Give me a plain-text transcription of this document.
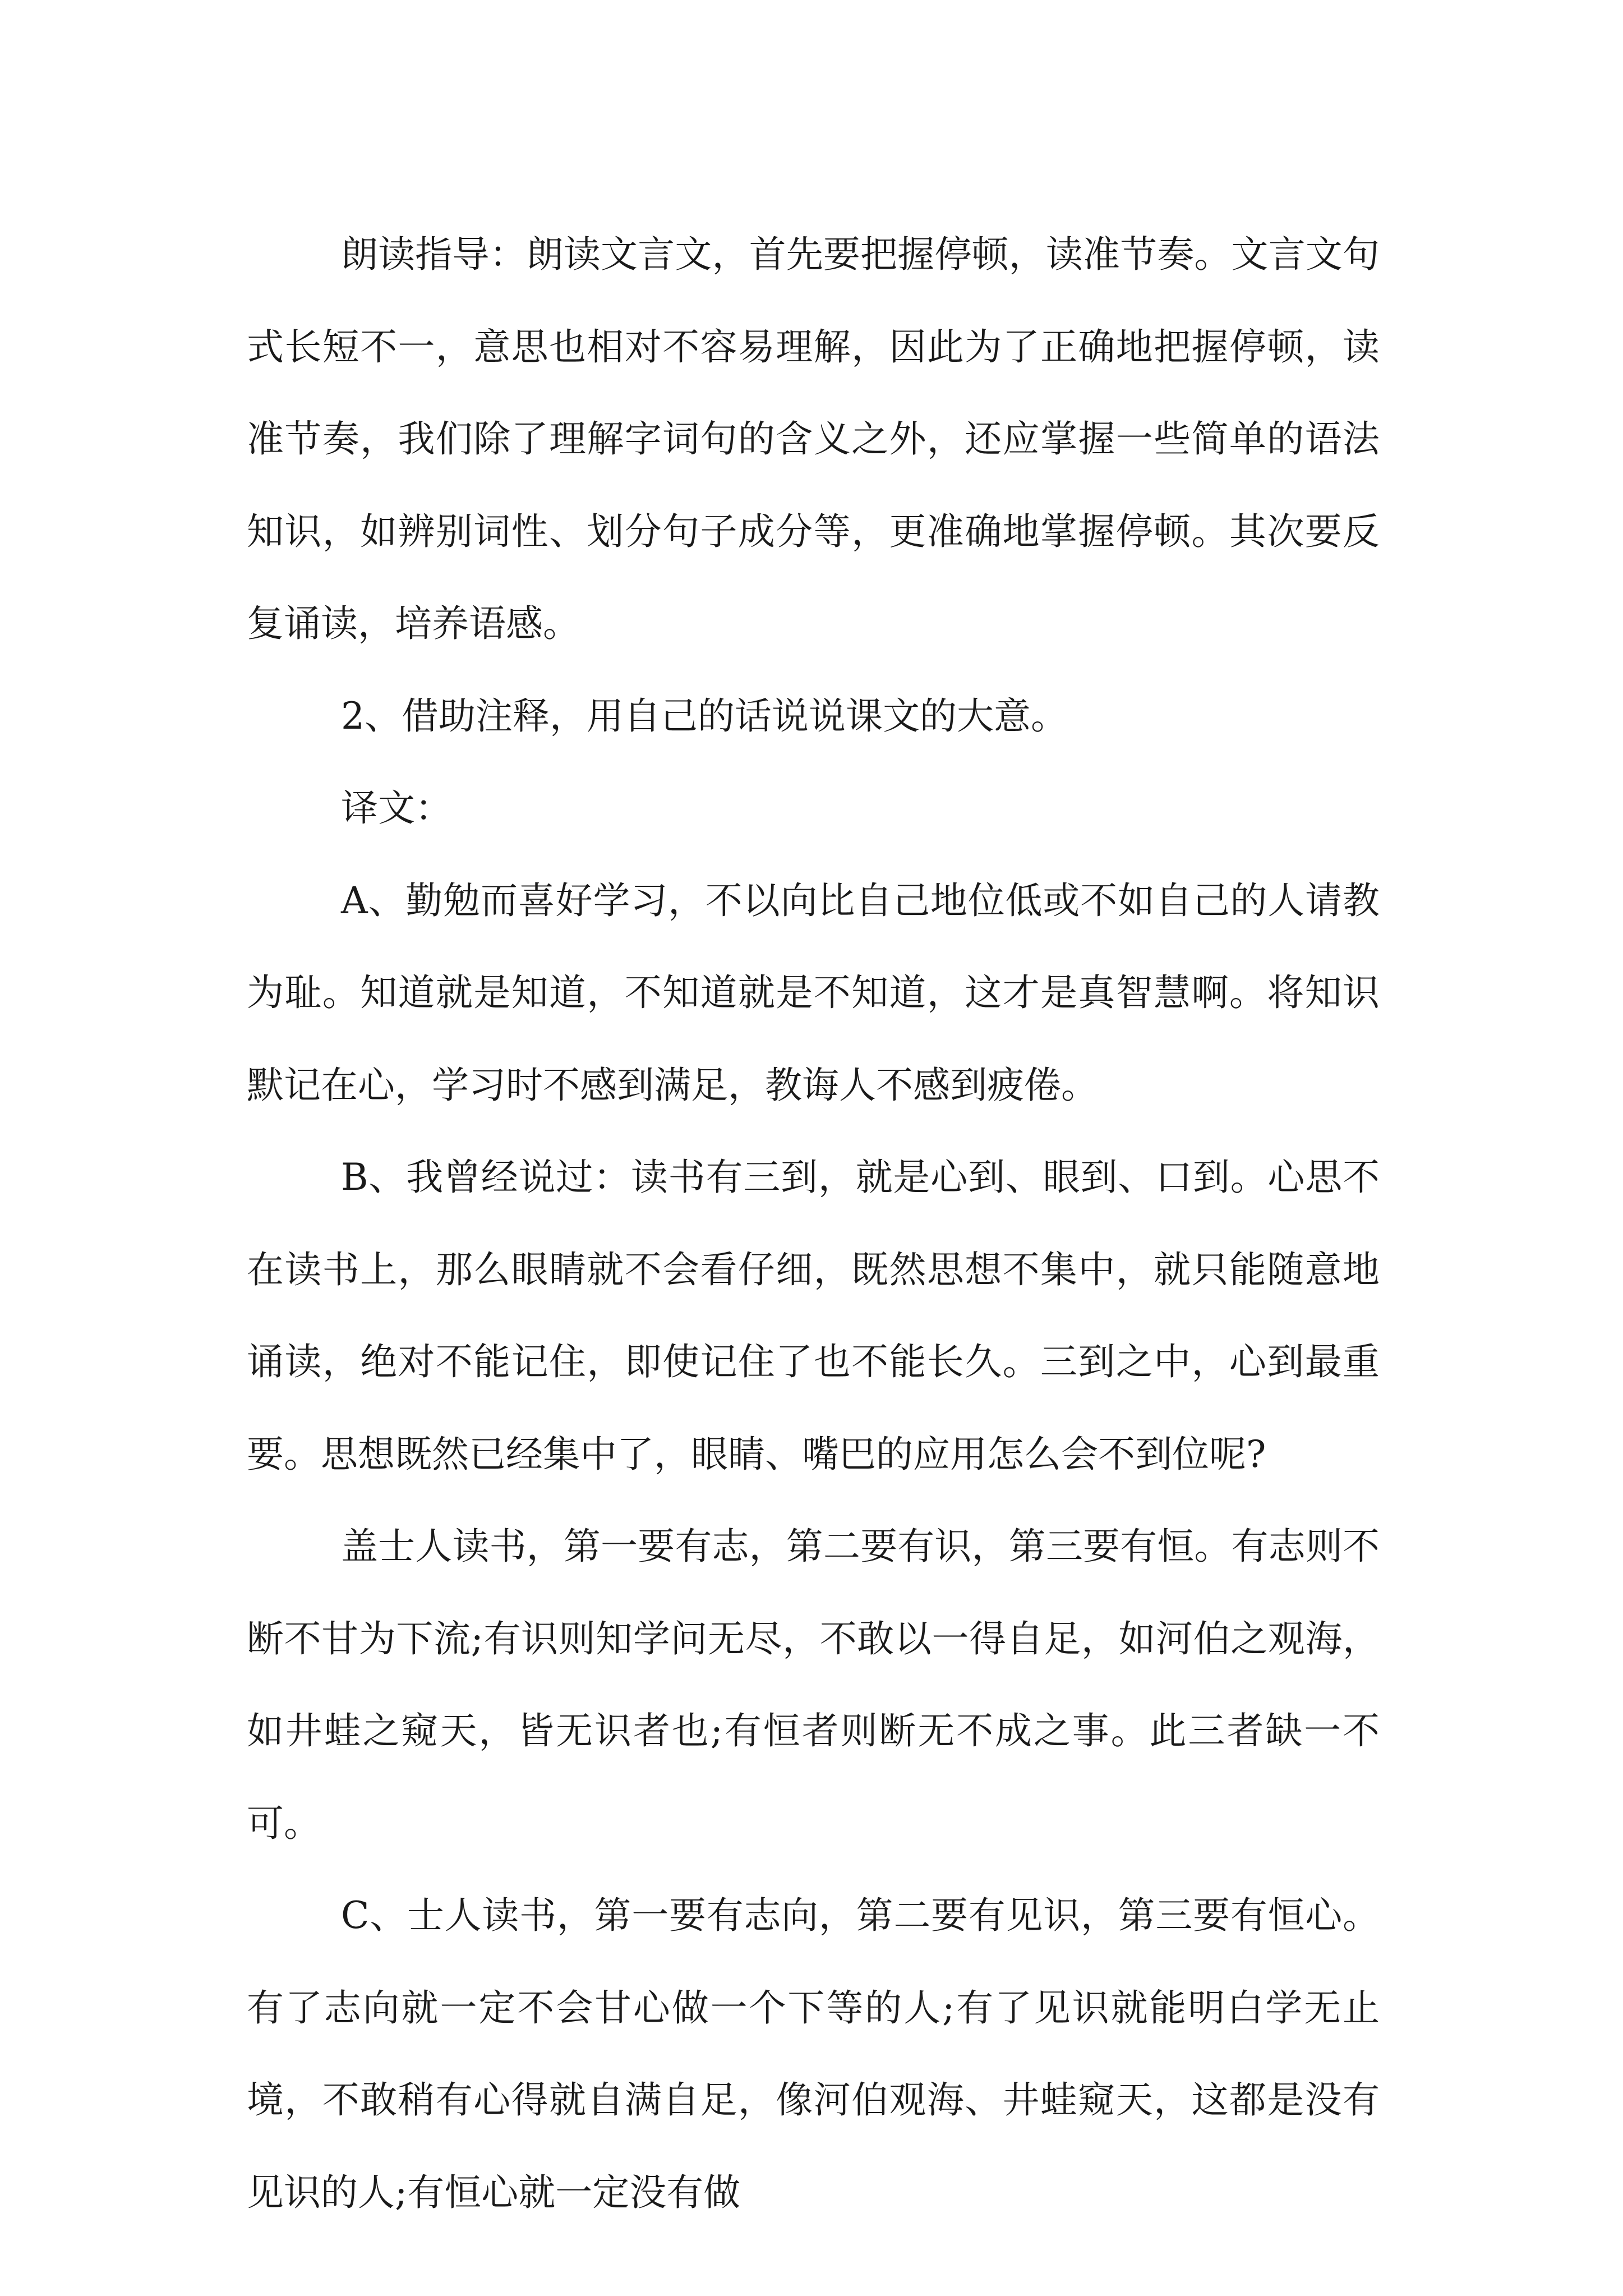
朗读指导：朗读文言文，首先要把握停顿，读准节奏。文言文句式长短不一，意思也相对不容易理解，因此为了正确地把握停顿，读准节奏，我们除了理解字词句的含义之外，还应掌握一些简单的语法知识，如辨别词性、划分句子成分等，更准确地掌握停顿。其次要反复诵读，培养语感。

2、借助注释，用自己的话说说课文的大意。

译文：

A、勤勉而喜好学习，不以向比自己地位低或不如自己的人请教为耻。知道就是知道，不知道就是不知道，这才是真智慧啊。将知识默记在心，学习时不感到满足，教诲人不感到疲倦。

B、我曾经说过：读书有三到，就是心到、眼到、口到。心思不在读书上，那么眼睛就不会看仔细，既然思想不集中，就只能随意地诵读，绝对不能记住，即使记住了也不能长久。三到之中，心到最重要。思想既然已经集中了，眼睛、嘴巴的应用怎么会不到位呢?

盖士人读书，第一要有志，第二要有识，第三要有恒。有志则不断不甘为下流;有识则知学问无尽，不敢以一得自足，如河伯之观海，如井蛙之窥天，皆无识者也;有恒者则断无不成之事。此三者缺一不可。

C、士人读书，第一要有志向，第二要有见识，第三要有恒心。有了志向就一定不会甘心做一个下等的人;有了见识就能明白学无止境，不敢稍有心得就自满自足，像河伯观海、井蛙窥天，这都是没有见识的人;有恒心就一定没有做
